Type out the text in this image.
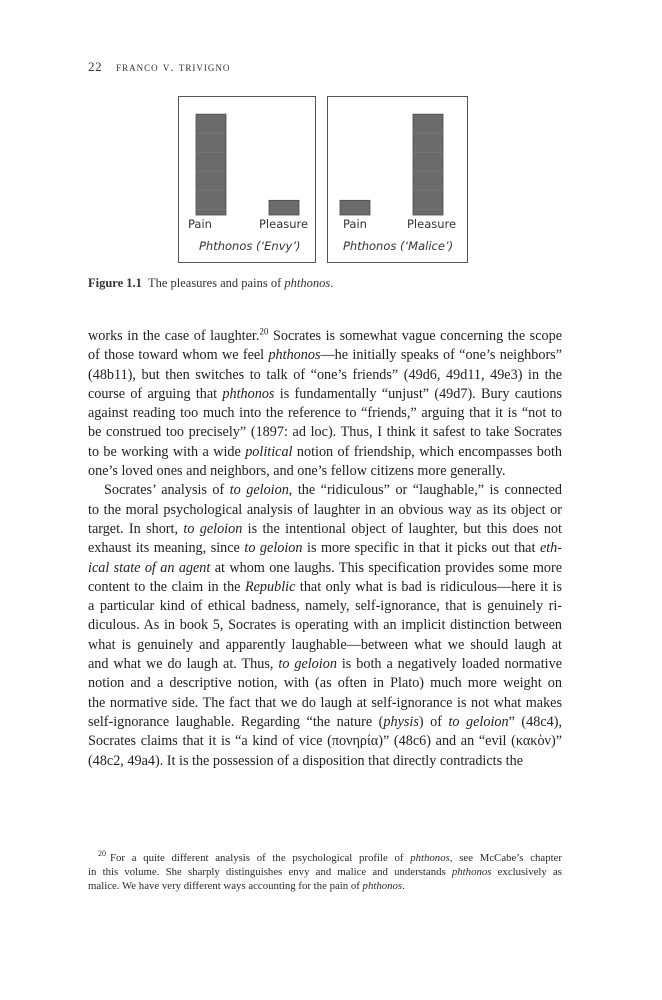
22 franco v. trivigno
Pain	Pleasure
Phthonos (‘Envy’)
Pain	Pleasure
Phthonos (‘Malice’)
Figure 1.1 The pleasures and pains of phthonos.
works in the case of laughter.$^{20}$ Socrates is somewhat vague concerning the scope
of those toward whom we feel phthonos—he initially speaks of “one’s neighbors”
(48b11), but then switches to talk of “one’s friends” (49d6, 49d11, 49e3) in the
course of arguing that phthonos is fundamentally “unjust” (49d7). Bury cautions
against reading too much into the reference to “friends,” arguing that it is “not to
be construed too precisely” (1897: ad loc). Thus, I think it safest to take Socrates
to be working with a wide political notion of friendship, which encompasses both
one’s loved ones and neighbors, and one’s fellow citizens more generally.
Socrates’ analysis of to geloion, the “ridiculous” or “laughable,” is connected
to the moral psychological analysis of laughter in an obvious way as its object or
target. In short, to geloion is the intentional object of laughter, but this does not
exhaust its meaning, since to geloion is more specific in that it picks out that eth-
ical state of an agent at whom one laughs. This specification provides some more
content to the claim in the Republic that only what is bad is ridiculous—here it is
a particular kind of ethical badness, namely, self-ignorance, that is genuinely ri-
diculous. As in book 5, Socrates is operating with an implicit distinction between
what is genuinely and apparently laughable—between what we should laugh at
and what we do laugh at. Thus, to geloion is both a negatively loaded normative
notion and a descriptive notion, with (as often in Plato) much more weight on
the normative side. The fact that we do laugh at self-ignorance is not what makes
self-ignorance laughable. Regarding “the nature (physis) of to geloion” (48c4),
Socrates claims that it is “a kind of vice (πονηρία)” (48c6) and an “evil (κακὸν)”
(48c2, 49a4). It is the possession of a disposition that directly contradicts the
$^{20}$ For a quite different analysis of the psychological profile of phthonos, see McCabe’s chapter
in this volume. She sharply distinguishes envy and malice and understands phthonos exclusively as
malice. We have very different ways accounting for the pain of phthonos.
